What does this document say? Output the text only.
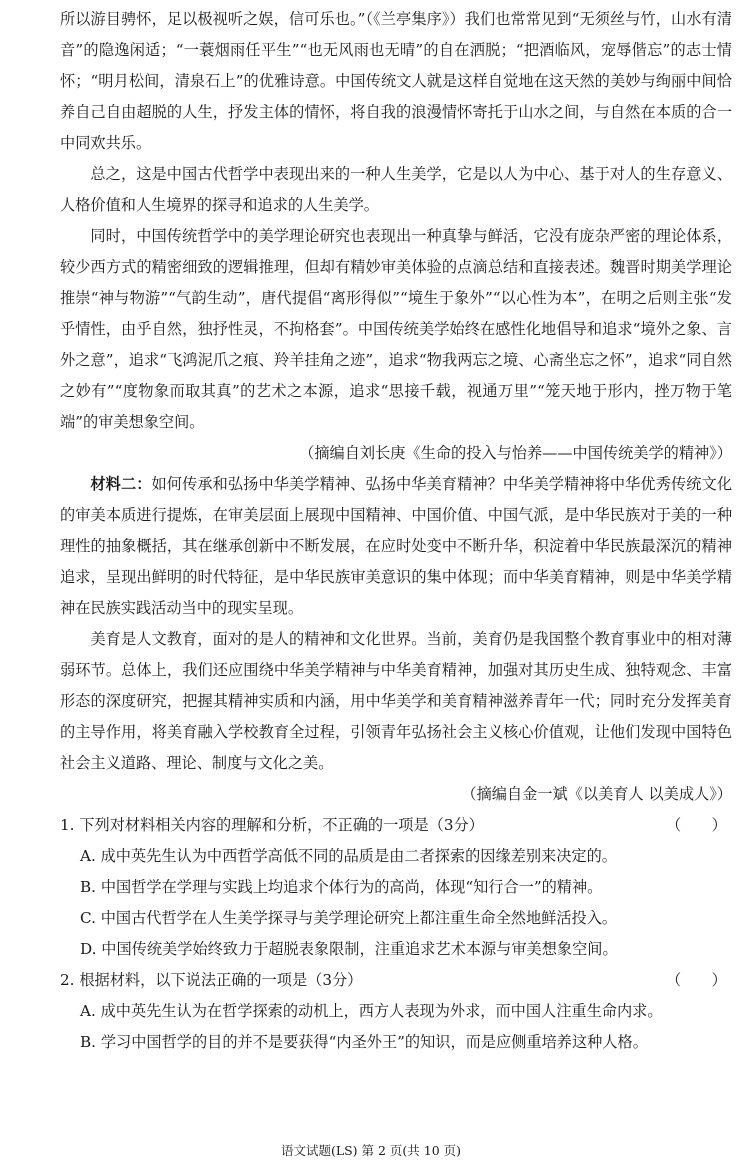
所以游目骋怀，足以极视听之娱，信可乐也。”（《兰亭集序》）我们也常常见到“无须丝与竹，山水有清音”的隐逸闲适；“一蓑烟雨任平生”“也无风雨也无晴”的自在洒脱；“把酒临风，宠辱偕忘”的志士情怀；“明月松间，清泉石上”的优雅诗意。中国传统文人就是这样自觉地在这天然的美妙与绚丽中间恰养自己自由超脱的人生，抒发主体的情怀，将自我的浪漫情怀寄托于山水之间，与自然在本质的合一中同欢共乐。

总之，这是中国古代哲学中表现出来的一种人生美学，它是以人为中心、基于对人的生存意义、人格价值和人生境界的探寻和追求的人生美学。

同时，中国传统哲学中的美学理论研究也表现出一种真挚与鲜活，它没有庞杂严密的理论体系，较少西方式的精密细致的逻辑推理，但却有精妙审美体验的点滴总结和直接表述。魏晋时期美学理论推崇“神与物游”“气韵生动”，唐代提倡“离形得似”“境生于象外”“以心性为本”，在明之后则主张“发乎情性，由乎自然，独抒性灵，不拘格套”。中国传统美学始终在感性化地倡导和追求“境外之象、言外之意”，追求“飞鸿泥爪之痕、羚羊挂角之迹”，追求“物我两忘之境、心斋坐忘之怀”，追求“同自然之妙有”“度物象而取其真”的艺术之本源，追求“思接千载，视通万里”“笼天地于形内，挫万物于笔端”的审美想象空间。

（摘编自刘长庚《生命的投入与怡养——中国传统美学的精神》）

材料二：如何传承和弘扬中华美学精神、弘扬中华美育精神？中华美学精神将中华优秀传统文化的审美本质进行提炼，在审美层面上展现中国精神、中国价值、中国气派，是中华民族对于美的一种理性的抽象概括，其在继承创新中不断发展，在应时处变中不断升华，积淀着中华民族最深沉的精神追求，呈现出鲜明的时代特征，是中华民族审美意识的集中体现；而中华美育精神，则是中华美学精神在民族实践活动当中的现实呈现。

美育是人文教育，面对的是人的精神和文化世界。当前，美育仍是我国整个教育事业中的相对薄弱环节。总体上，我们还应围绕中华美学精神与中华美育精神，加强对其历史生成、独特观念、丰富形态的深度研究，把握其精神实质和内涵，用中华美学和美育精神滋养青年一代；同时充分发挥美育的主导作用，将美育融入学校教育全过程，引领青年弘扬社会主义核心价值观，让他们发现中国特色社会主义道路、理论、制度与文化之美。

（摘编自金一斌《以美育人 以美成人》）

1. 下列对材料相关内容的理解和分析，不正确的一项是（3分）	（　　）

A. 成中英先生认为中西哲学高低不同的品质是由二者探索的因缘差别来决定的。

B. 中国哲学在学理与实践上均追求个体行为的高尚，体现“知行合一”的精神。

C. 中国古代哲学在人生美学探寻与美学理论研究上都注重生命全然地鲜活投入。

D. 中国传统美学始终致力于超脱表象限制，注重追求艺术本源与审美想象空间。

2. 根据材料，以下说法正确的一项是（3分）	（　　）

A. 成中英先生认为在哲学探索的动机上，西方人表现为外求，而中国人注重生命内求。

B. 学习中国哲学的目的并不是要获得“内圣外王”的知识，而是应侧重培养这种人格。

语文试题(LS) 第 2 页(共 10 页)
